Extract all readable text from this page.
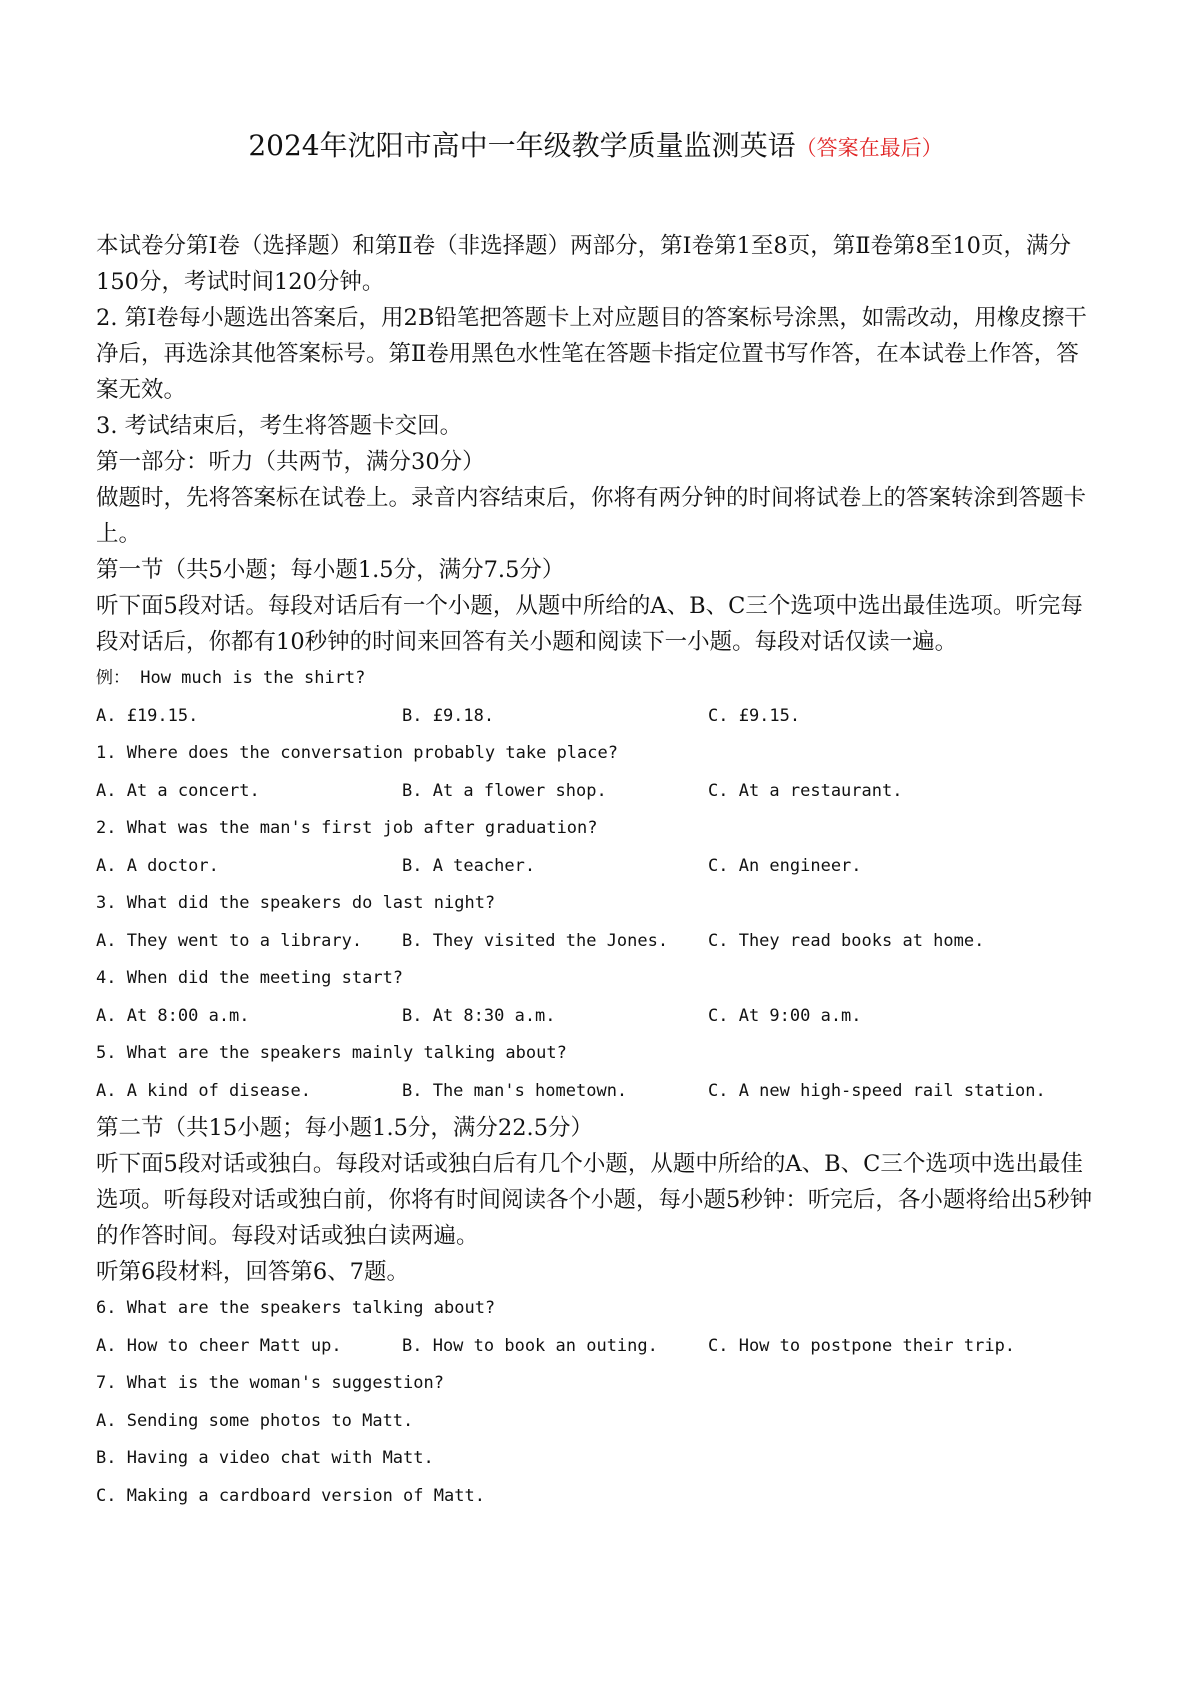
2024年沈阳市高中一年级教学质量监测英语（答案在最后）

本试卷分第Ⅰ卷（选择题）和第Ⅱ卷（非选择题）两部分，第Ⅰ卷第1至8页，第Ⅱ卷第8至10页，满分150分，考试时间120分钟。

2. 第Ⅰ卷每小题选出答案后，用2B铅笔把答题卡上对应题目的答案标号涂黑，如需改动，用橡皮擦干净后，再选涂其他答案标号。第Ⅱ卷用黑色水性笔在答题卡指定位置书写作答，在本试卷上作答，答案无效。

3. 考试结束后，考生将答题卡交回。

第一部分：听力（共两节，满分30分）

做题时，先将答案标在试卷上。录音内容结束后，你将有两分钟的时间将试卷上的答案转涂到答题卡上。

第一节（共5小题；每小题1.5分，满分7.5分）

听下面5段对话。每段对话后有一个小题，从题中所给的A、B、C三个选项中选出最佳选项。听完每段对话后，你都有10秒钟的时间来回答有关小题和阅读下一小题。每段对话仅读一遍。

例： How much is the shirt?

A. £19.15.	B. £9.18.	C. £9.15.

1. Where does the conversation probably take place?

A. At a concert.	B. At a flower shop.	C. At a restaurant.

2. What was the man's first job after graduation?

A. A doctor.	B. A teacher.	C. An engineer.

3. What did the speakers do last night?

A. They went to a library.	B. They visited the Jones.	C. They read books at home.

4. When did the meeting start?

A. At 8:00 a.m.	B. At 8:30 a.m.	C. At 9:00 a.m.

5. What are the speakers mainly talking about?

A. A kind of disease.	B. The man's hometown.	C. A new high-speed rail station.

第二节（共15小题；每小题1.5分，满分22.5分）

听下面5段对话或独白。每段对话或独白后有几个小题，从题中所给的A、B、C三个选项中选出最佳选项。听每段对话或独白前，你将有时间阅读各个小题，每小题5秒钟：听完后，各小题将给出5秒钟的作答时间。每段对话或独白读两遍。

听第6段材料，回答第6、7题。

6. What are the speakers talking about?

A. How to cheer Matt up.	B. How to book an outing.	C. How to postpone their trip.

7. What is the woman's suggestion?

A. Sending some photos to Matt.

B. Having a video chat with Matt.

C. Making a cardboard version of Matt.
